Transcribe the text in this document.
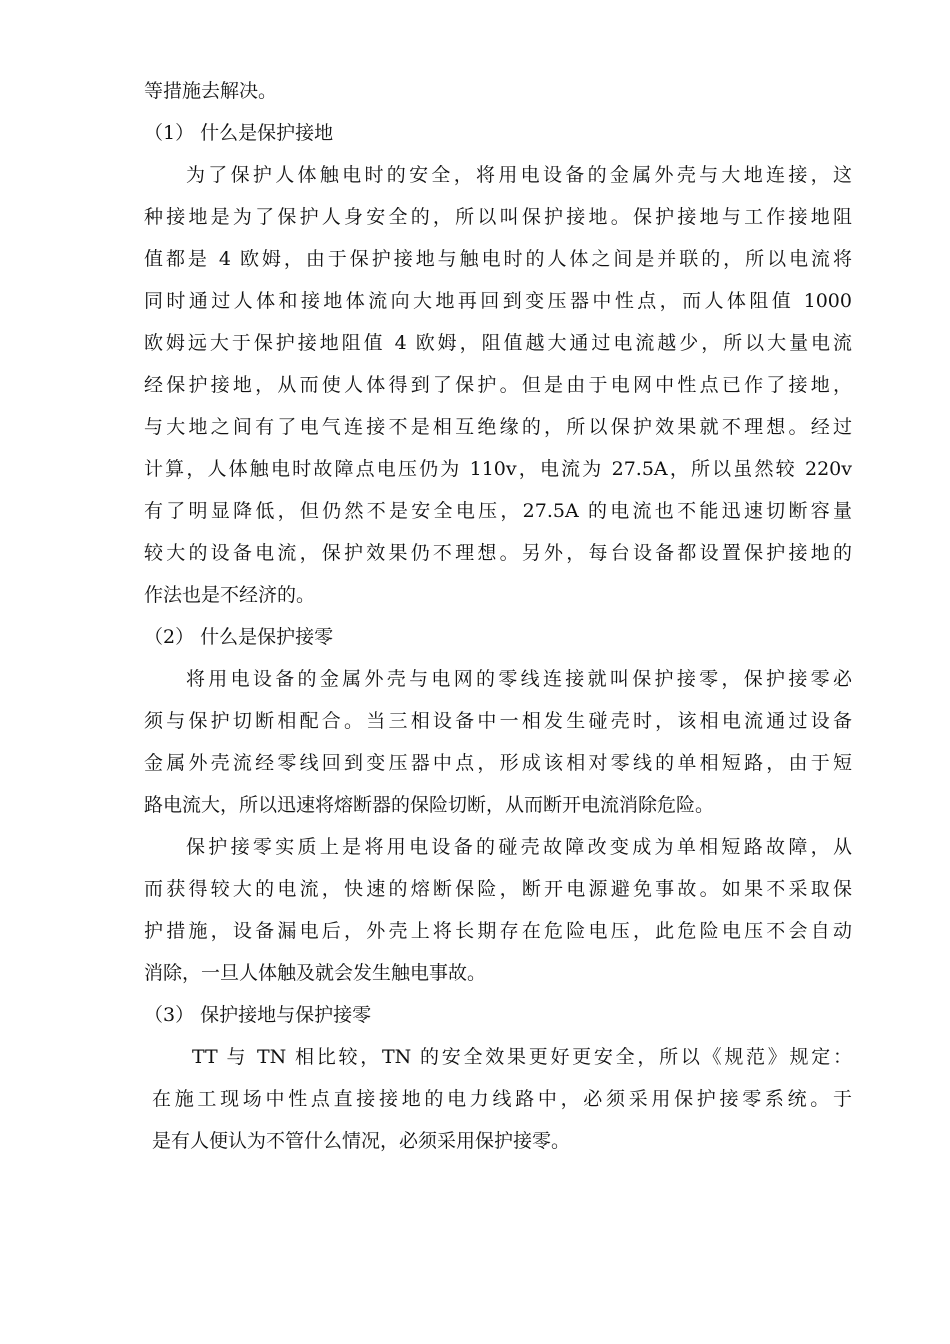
等措施去解决。
（1） 什么是保护接地
为了保护人体触电时的安全，将用电设备的金属外壳与大地连接，这
种接地是为了保护人身安全的，所以叫保护接地。保护接地与工作接地阻
值都是 4 欧姆，由于保护接地与触电时的人体之间是并联的，所以电流将
同时通过人体和接地体流向大地再回到变压器中性点，而人体阻值 1000
欧姆远大于保护接地阻值 4 欧姆，阻值越大通过电流越少，所以大量电流
经保护接地，从而使人体得到了保护。但是由于电网中性点已作了接地，
与大地之间有了电气连接不是相互绝缘的，所以保护效果就不理想。经过
计算，人体触电时故障点电压仍为 110v，电流为 27.5A，所以虽然较 220v
有了明显降低，但仍然不是安全电压，27.5A 的电流也不能迅速切断容量
较大的设备电流，保护效果仍不理想。另外，每台设备都设置保护接地的
作法也是不经济的。
（2） 什么是保护接零
将用电设备的金属外壳与电网的零线连接就叫保护接零，保护接零必
须与保护切断相配合。当三相设备中一相发生碰壳时，该相电流通过设备
金属外壳流经零线回到变压器中点，形成该相对零线的单相短路，由于短
路电流大，所以迅速将熔断器的保险切断，从而断开电流消除危险。
保护接零实质上是将用电设备的碰壳故障改变成为单相短路故障，从
而获得较大的电流，快速的熔断保险，断开电源避免事故。如果不采取保
护措施，设备漏电后，外壳上将长期存在危险电压，此危险电压不会自动
消除，一旦人体触及就会发生触电事故。
（3） 保护接地与保护接零
TT 与 TN 相比较，TN 的安全效果更好更安全，所以《规范》规定：
在施工现场中性点直接接地的电力线路中，必须采用保护接零系统。于
是有人便认为不管什么情况，必须采用保护接零。
